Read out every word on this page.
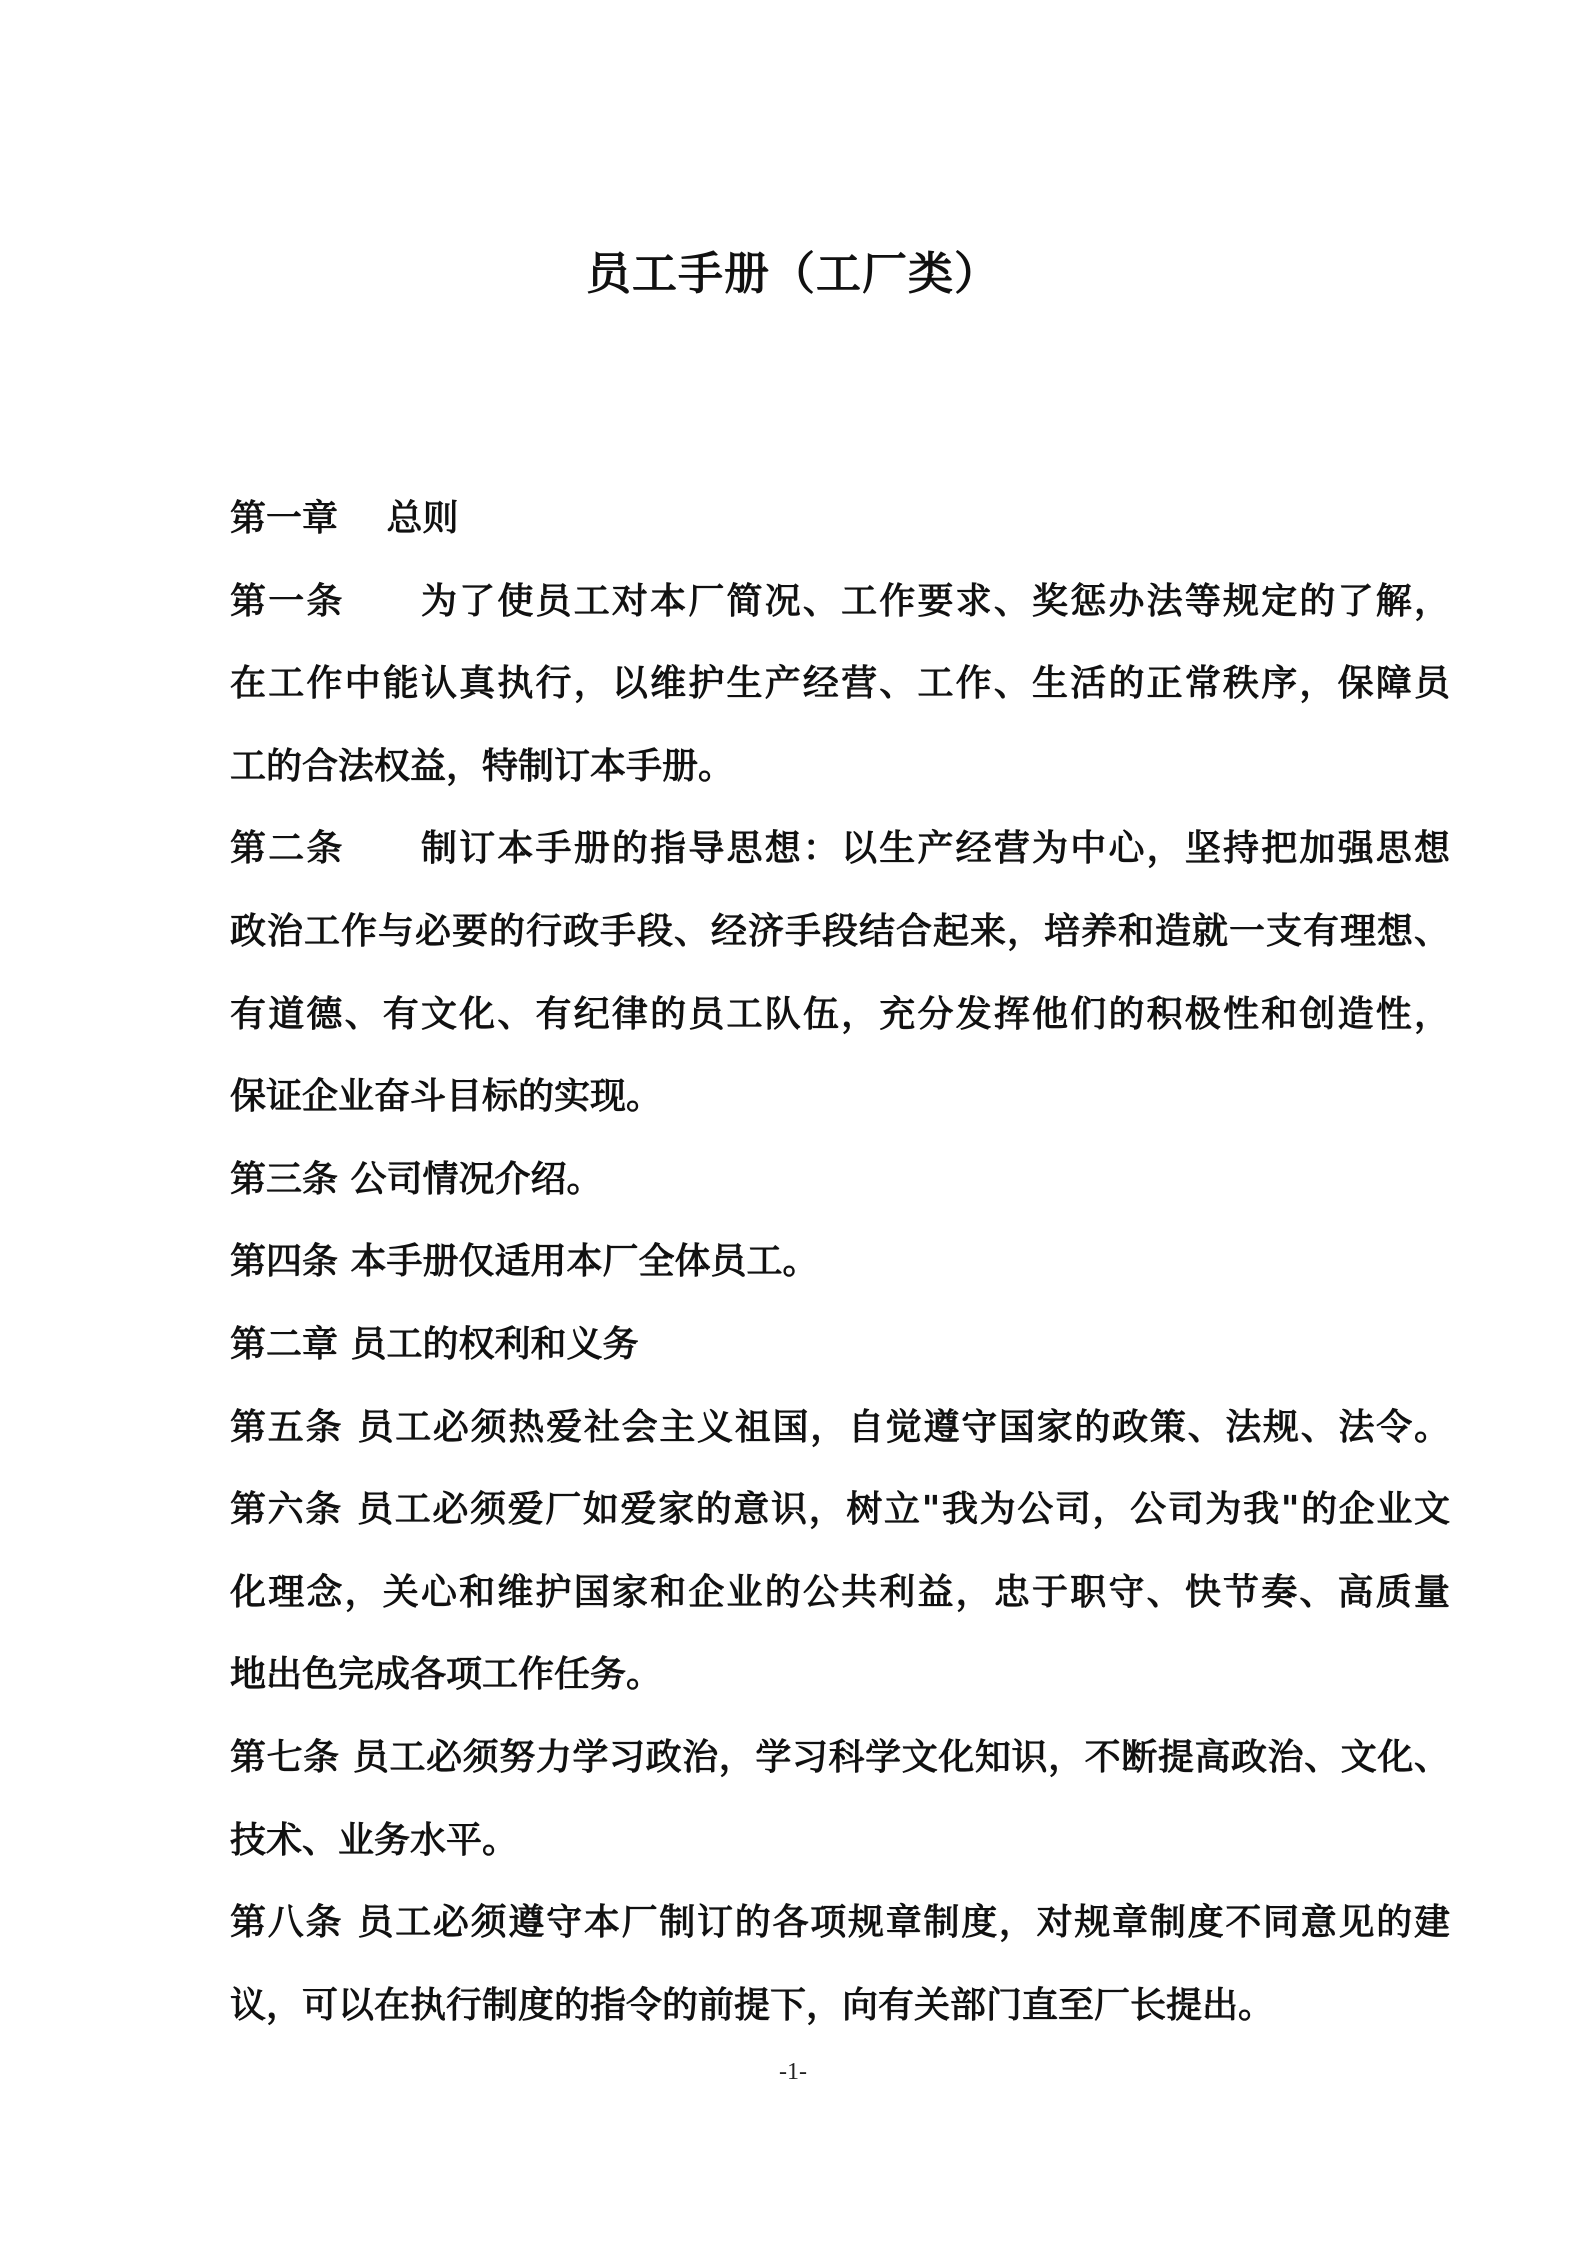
员工手册（工厂类）
第一章　 总则
第一条　　为了使员工对本厂简况、工作要求、奖惩办法等规定的了解，
在工作中能认真执行，以维护生产经营、工作、生活的正常秩序，保障员
工的合法权益，特制订本手册。
第二条　　制订本手册的指导思想：以生产经营为中心，坚持把加强思想
政治工作与必要的行政手段、经济手段结合起来，培养和造就一支有理想、
有道德、有文化、有纪律的员工队伍，充分发挥他们的积极性和创造性，
保证企业奋斗目标的实现。
第三条 公司情况介绍。
第四条 本手册仅适用本厂全体员工。
第二章 员工的权利和义务
第五条 员工必须热爱社会主义祖国，自觉遵守国家的政策、法规、法令。
第六条 员工必须爱厂如爱家的意识，树立"我为公司，公司为我"的企业文
化理念，关心和维护国家和企业的公共利益，忠于职守、快节奏、高质量
地出色完成各项工作任务。
第七条 员工必须努力学习政治，学习科学文化知识，不断提高政治、文化、
技术、业务水平。
第八条 员工必须遵守本厂制订的各项规章制度，对规章制度不同意见的建
议，可以在执行制度的指令的前提下，向有关部门直至厂长提出。
-1-
